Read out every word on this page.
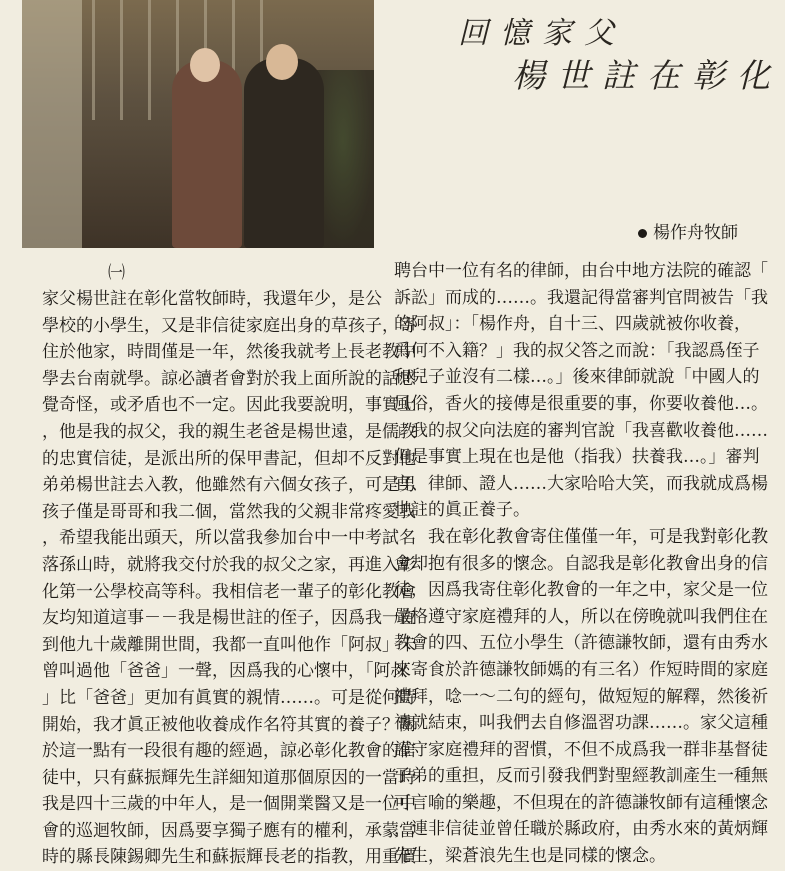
回憶家父
楊世註在彰化
楊作舟牧師
㈠

家父楊世註在彰化當牧師時，我還年少，是公

學校的小學生，又是非信徒家庭出身的草孩子，寄

住於他家，時間僅是一年，然後我就考上長老教中

學去台南就學。諒必讀者會對於我上面所說的話感

覺奇怪，或矛盾也不一定。因此我要說明，事實上

，他是我的叔父，我的親生老爸是楊世遠，是儒教

的忠實信徒，是派出所的保甲書記，但却不反對他

弟弟楊世註去入教，他雖然有六個女孩子，可是男

孩子僅是哥哥和我二個，當然我的父親非常疼愛我

，希望我能出頭天，所以當我參加台中一中考試名

落孫山時，就將我交付於我的叔父之家，再進入彰

化第一公學校高等科。我相信老一輩子的彰化教會

友均知道這事－－我是楊世註的侄子，因爲我一直

到他九十歲離開世間，我都一直叫他作「阿叔」未

曾叫過他「爸爸」一聲，因爲我的心懷中，「阿叔

」比「爸爸」更加有眞實的親情……。可是從何時

開始，我才眞正被他收養成作名符其實的養子？關

於這一點有一段很有趣的經過，諒必彰化教會的信

徒中，只有蘇振輝先生詳細知道那個原因的一當時

我是四十三歲的中年人，是一個開業醫又是一位中

會的巡迴牧師，因爲要享獨子應有的權利，承蒙當

時的縣長陳錫卿先生和蘇振輝長老的指教，用重價

聘台中一位有名的律師，由台中地方法院的確認「

訴訟」而成的……。我還記得當審判官問被告「我

的阿叔」：「楊作舟，自十三、四歲就被你收養，

爲何不入籍？」我的叔父答之而說：「我認爲侄子

和兒子並沒有二樣…。」後來律師就說「中國人的

風俗，香火的接傳是很重要的事，你要收養他…。

」我的叔父向法庭的審判官說「我喜歡收養他……

但是事實上現在也是他（指我）扶養我…。」審判

官、律師、證人……大家哈哈大笑，而我就成爲楊

世註的眞正養子。

　　我在彰化教會寄住僅僅一年，可是我對彰化教

會却抱有很多的懷念。自認我是彰化教會出身的信

徒，因爲我寄住彰化教會的一年之中，家父是一位

嚴格遵守家庭禮拜的人，所以在傍晚就叫我們住在

教會的四、五位小學生（許德謙牧師，還有由秀水

來寄食於許德謙牧師媽的有三名）作短時間的家庭

禮拜，唸一～二句的經句，做短短的解釋，然後祈

禱就結束，叫我們去自修溫習功課……。家父這種

謹守家庭禮拜的習慣，不但不成爲我一群非基督徒

子弟的重担，反而引發我們對聖經教訓產生一種無

可言喻的樂趣，不但現在的許德謙牧師有這種懷念

，連非信徒並曾任職於縣政府，由秀水來的黃炳輝

先生，梁蒼浪先生也是同樣的懷念。
